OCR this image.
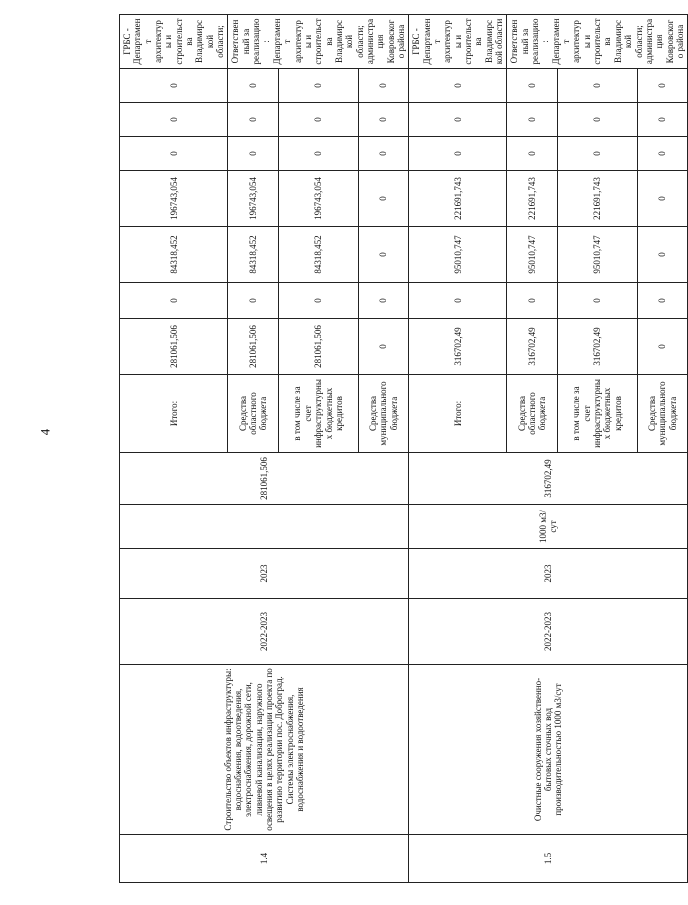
4
1.4	Строительство объектов инфраструктуры: водоснабжения, водоотведения, электроснабжения, дорожной сети, ливневой канализации, наружного освещения в целях реализации проекта по развитию территории пос. Доброград. Системы электроснабжения, водоснабжения и водоотведения	2022-2023	2023		281061,506	Итого:	281061,506	0	84318,452	196743,054	0	0	0	ГРБС - Департамент архитектуры и строительства Владимирской области;
						Средства областного бюджета	281061,506	0	84318,452	196743,054	0	0	0	Ответственный за реализацию: Департамент архитектуры и строительства Владимирской области; администрация Ковровского района
						в том числе за счет инфраструктурных бюджетных кредитов	281061,506	0	84318,452	196743,054	0	0	0	
						Средства муниципального бюджета	0	0	0	0	0	0	0	
1.5	Очистные сооружения хозяйственно-бытовых сточных вод производительностью 1000 м3/сут	2022-2023	2023	1000 м3/сут	316702,49	Итого:	316702,49	0	95010,747	221691,743	0	0	0	ГРБС - Департамент архитектуры и строительства Владимирской области
						Средства областного бюджета	316702,49	0	95010,747	221691,743	0	0	0	Ответственный за реализацию: Департамент архитектуры и строительства Владимирской области; администрация Ковровского района
						в том числе за счет инфраструктурных бюджетных кредитов	316702,49	0	95010,747	221691,743	0	0	0	
						Средства муниципального бюджета	0	0	0	0	0	0	0	
